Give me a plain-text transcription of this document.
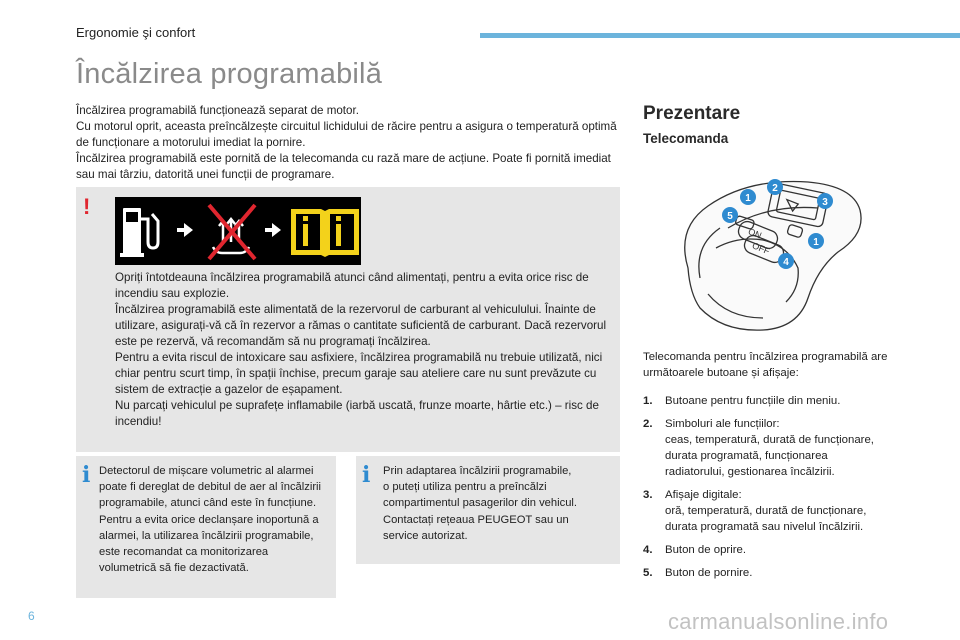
Ergonomie şi confort
Încălzirea programabilă

Încălzirea programabilă funcționează separat de motor.

Cu motorul oprit, aceasta preîncălzește circuitul lichidului de răcire pentru a asigura o temperatură optimă de funcționare a motorului imediat la pornire.

Încălzirea programabilă este pornită de la telecomanda cu rază mare de acțiune. Poate fi pornită imediat sau mai târziu, datorită unei funcții de programare.

!

Opriți întotdeauna încălzirea programabilă atunci când alimentați, pentru a evita orice risc de incendiu sau explozie.

Încălzirea programabilă este alimentată de la rezervorul de carburant al vehiculului. Înainte de utilizare, asigurați-vă că în rezervor a rămas o cantitate suficientă de carburant. Dacă rezervorul este pe rezervă, vă recomandăm să nu programați încălzirea.

Pentru a evita riscul de intoxicare sau asfixiere, încălzirea programabilă nu trebuie utilizată, nici chiar pentru scurt timp, în spații închise, precum garaje sau ateliere care nu sunt prevăzute cu sistem de extracție a gazelor de eșapament.

Nu parcați vehiculul pe suprafețe inflamabile (iarbă uscată, frunze moarte, hârtie etc.) – risc de incendiu!

i Detectorul de mișcare volumetric al alarmei

poate fi dereglat de debitul de aer al încălzirii

programabile, atunci când este în funcțiune.

Pentru a evita orice declanșare inoportună a

alarmei, la utilizarea încălzirii programabile,

este recomandat ca monitorizarea

volumetrică să fie dezactivată.

i Prin adaptarea încălzirii programabile,

o puteți utiliza pentru a preîncălzi

compartimentul pasagerilor din vehicul.

Contactați rețeaua PEUGEOT sau un

service autorizat.

Prezentare
Telecomanda
ON
OFF
1
2
3
5
1
4
Telecomanda pentru încălzirea programabilă are următoarele butoane și afișaje:
1.	Butoane pentru funcțiile din meniu.
2.	Simboluri ale funcțiilor:
ceas, temperatură, durată de funcționare,
durata programată, funcționarea
radiatorului, gestionarea încălzirii.
3.	Afișaje digitale:
oră, temperatură, durată de funcționare,
durata programată sau nivelul încălzirii.
4.	Buton de oprire.
5.	Buton de pornire.
6	carmanualsonline.info
